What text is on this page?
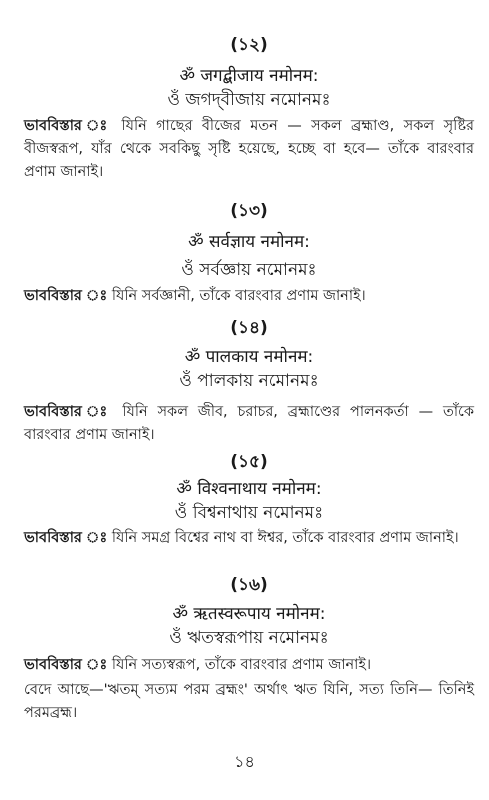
(১২)

ॐ जगद्बीजाय नमोनम:

ওঁ জগদ্‌বীজায় নমোনমঃ

ভাববিস্তার ঃ যিনি গাছের বীজের মতন — সকল ব্রহ্মাণ্ড, সকল সৃষ্টির বীজস্বরূপ, যাঁর থেকে সবকিছু সৃষ্টি হয়েছে, হচ্ছে বা হবে— তাঁকে বারংবার প্রণাম জানাই।

(১৩)

ॐ सर्वज्ञाय नमोनम:

ওঁ সর্বজ্ঞায় নমোনমঃ

ভাববিস্তার ঃ যিনি সর্বজ্ঞানী, তাঁকে বারংবার প্রণাম জানাই।

(১৪)

ॐ पालकाय नमोनम:

ওঁ পালকায় নমোনমঃ

ভাববিস্তার ঃ যিনি সকল জীব, চরাচর, ব্রহ্মাণ্ডের পালনকর্তা — তাঁকে বারংবার প্রণাম জানাই।

(১৫)

ॐ विश्वनाथाय नमोनम:

ওঁ বিশ্বনাথায় নমোনমঃ

ভাববিস্তার ঃ যিনি সমগ্র বিশ্বের নাথ বা ঈশ্বর, তাঁকে বারংবার প্রণাম জানাই।

(১৬)

ॐ ऋतस्वरूपाय नमोनम:

ওঁ ঋতস্বরূপায় নমোনমঃ

ভাববিস্তার ঃ যিনি সত্যস্বরূপ, তাঁকে বারংবার প্রণাম জানাই।

বেদে আছে—'ঋতম্ সত্যম পরম ব্রহ্মং' অর্থাৎ ঋত যিনি, সত্য তিনি— তিনিই পরমব্রহ্ম।

১৪
